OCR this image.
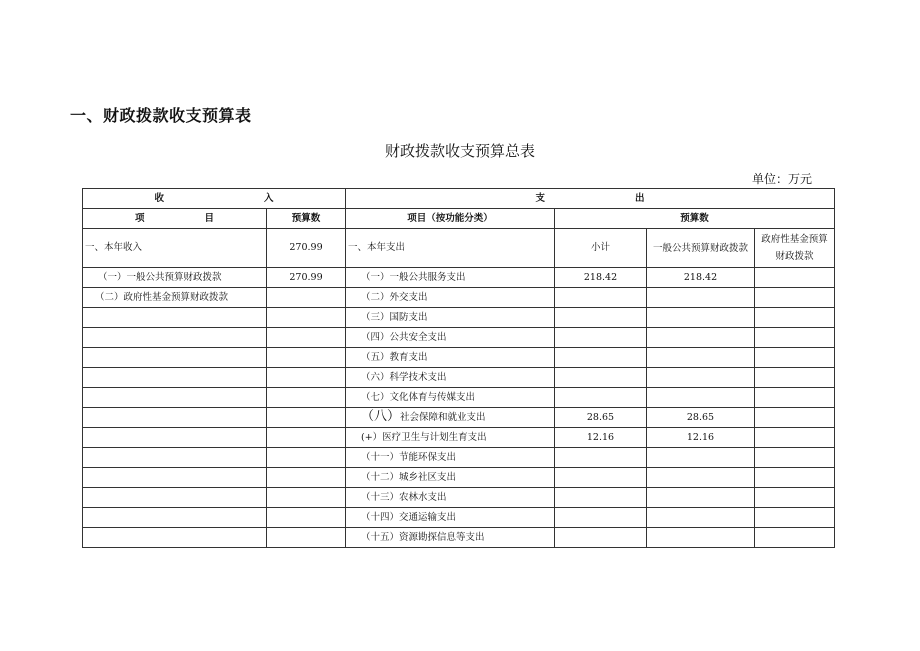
一、财政拨款收支预算表
财政拨款收支预算总表
单位：万元
收 入		支 出			
项 目	预算数	项目（按功能分类）	预算数		
一、本年收入	270.99	一、本年支出	小计	一般公共预算财政拨款	政府性基金预算财政拨款
（一）一般公共预算财政拨款	270.99	（一）一般公共服务支出	218.42	218.42	
（二）政府性基金预算财政拨款		（二）外交支出			
		（三）国防支出			
		（四）公共安全支出			
		（五）教育支出			
		（六）科学技术支出			
		（七）文化体育与传媒支出			
		（八）社会保障和就业支出	28.65	28.65	
		(+）医疗卫生与计划生育支出	12.16	12.16	
		（十一）节能环保支出			
		（十二）城乡社区支出			
		（十三）农林水支出			
		（十四）交通运输支出			
		（十五）资源勘探信息等支出			
